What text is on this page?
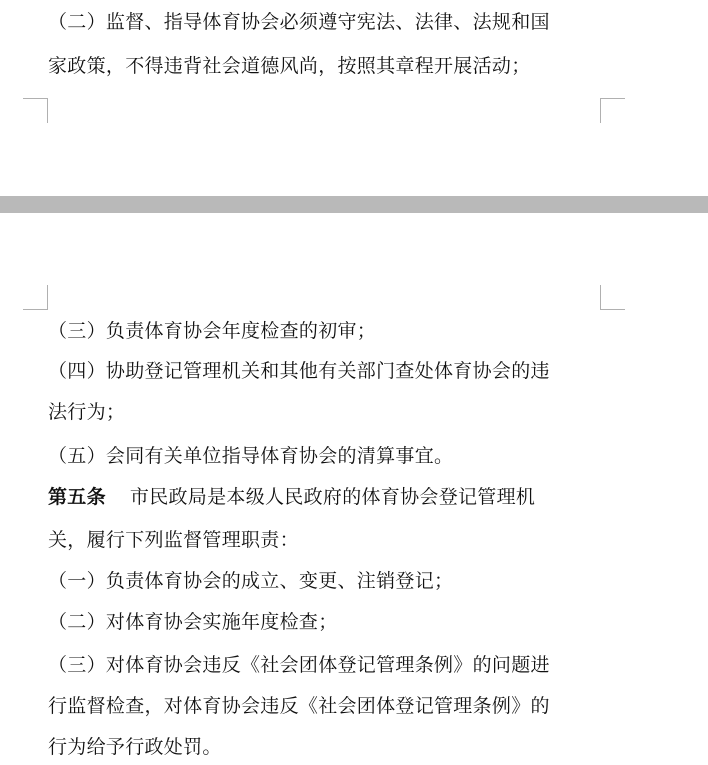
（二）监督、指导体育协会必须遵守宪法、法律、法规和国
家政策，不得违背社会道德风尚，按照其章程开展活动；
（三）负责体育协会年度检查的初审；
（四）协助登记管理机关和其他有关部门查处体育协会的违
法行为；
（五）会同有关单位指导体育协会的清算事宜。
第五条 市民政局是本级人民政府的体育协会登记管理机
关，履行下列监督管理职责：
（一）负责体育协会的成立、变更、注销登记；
（二）对体育协会实施年度检查；
（三）对体育协会违反《社会团体登记管理条例》的问题进
行监督检查，对体育协会违反《社会团体登记管理条例》的
行为给予行政处罚。
